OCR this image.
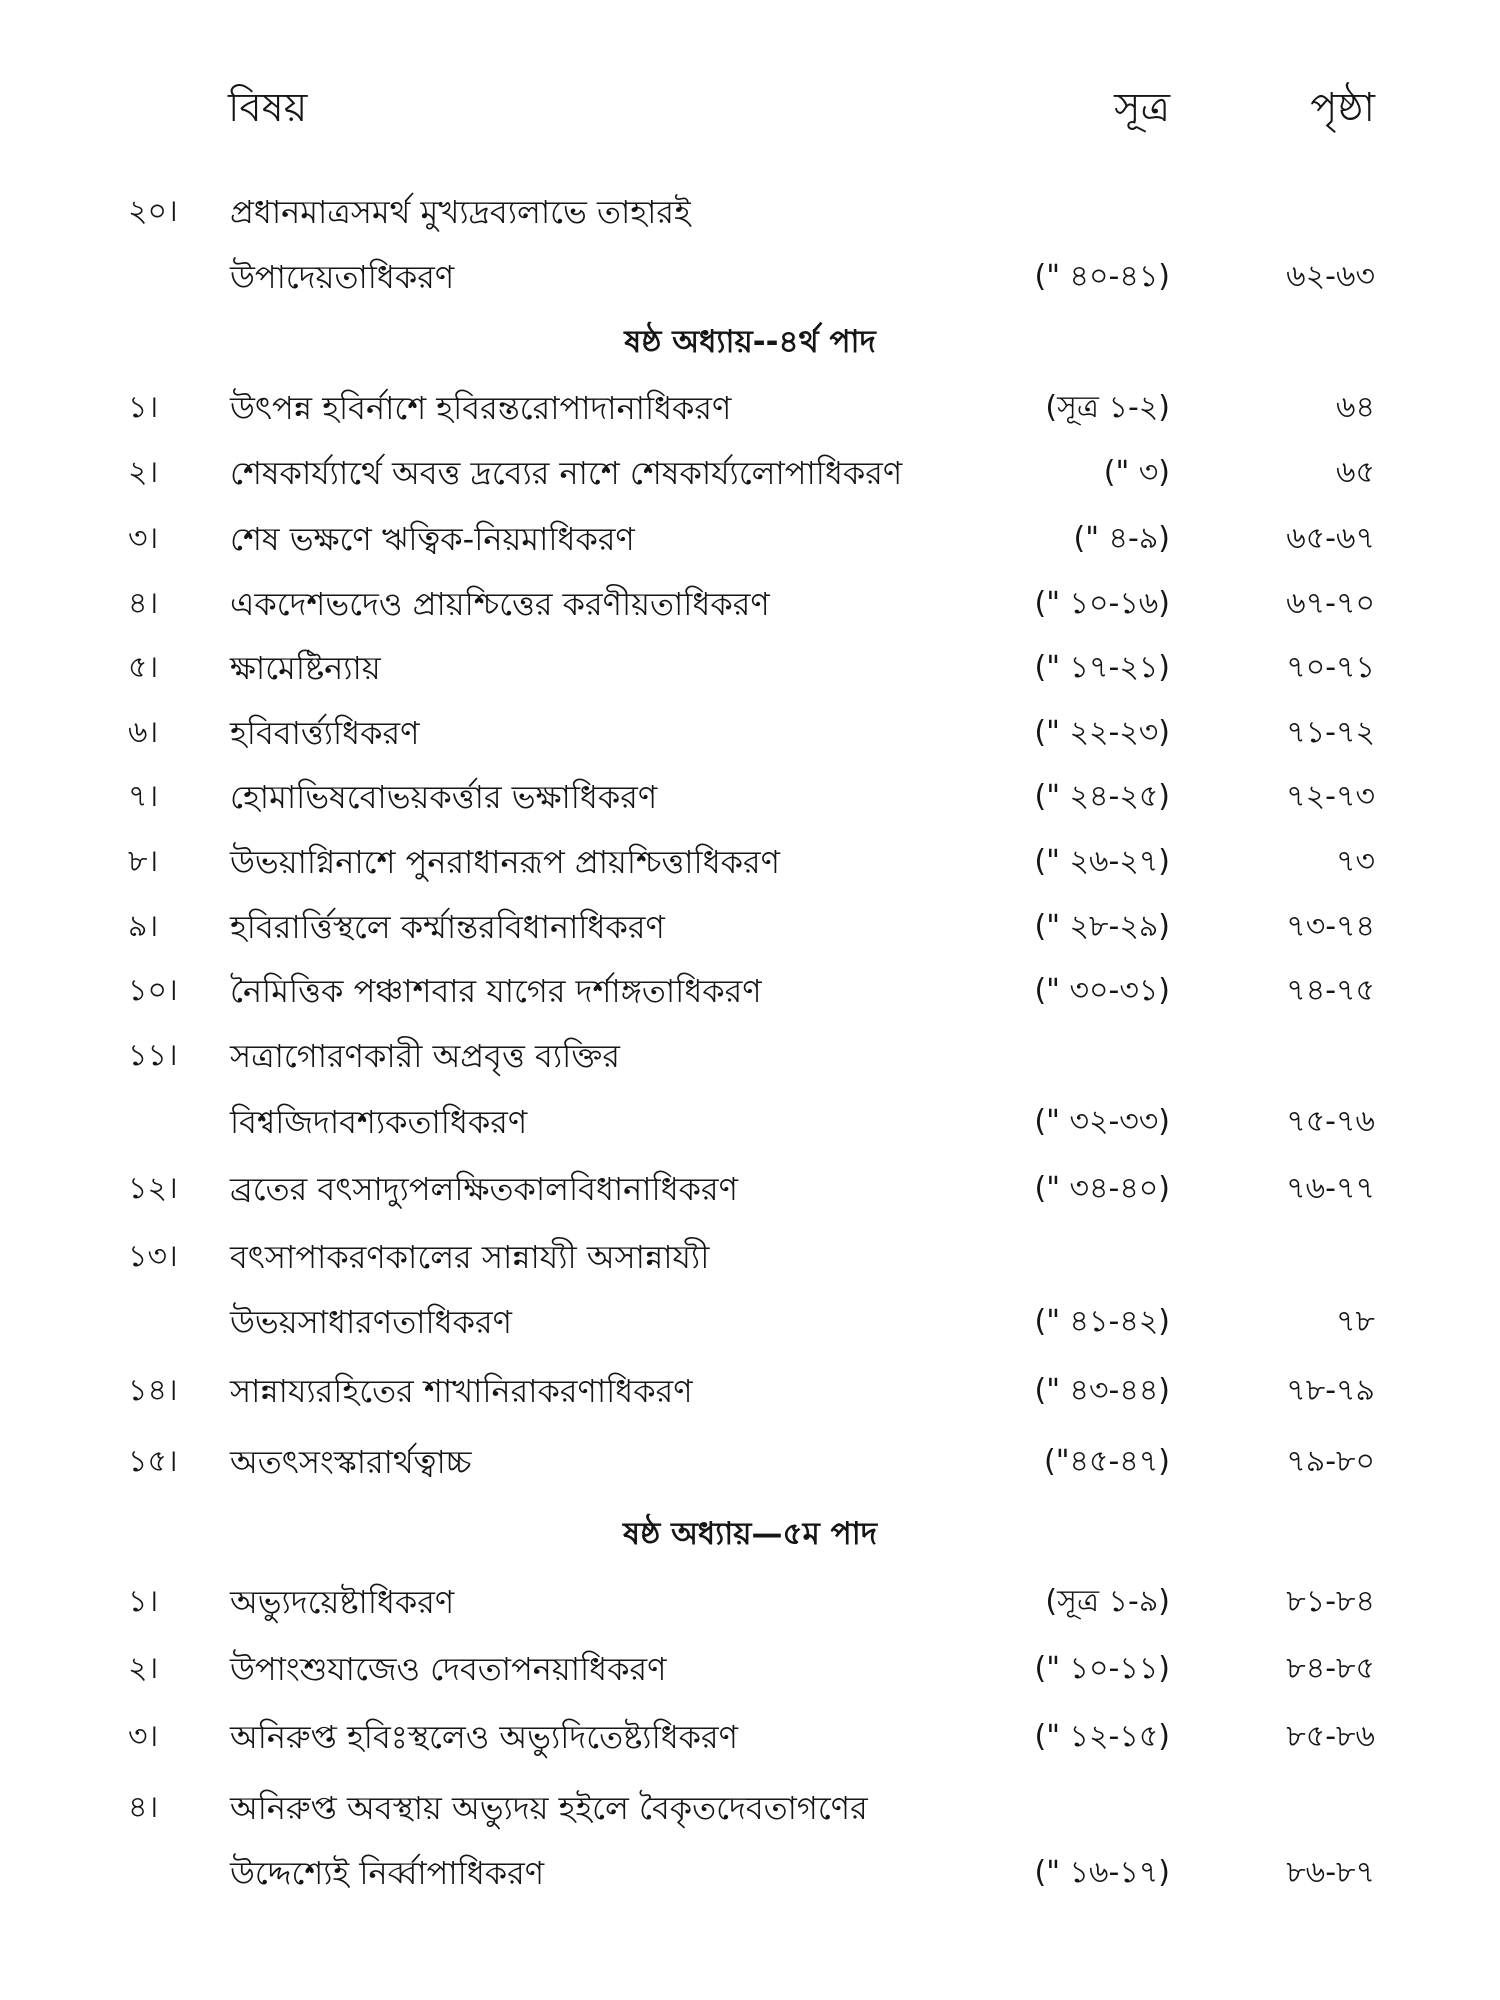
বিষয়	সূত্র	পৃষ্ঠা
২০। প্রধানমাত্রসমর্থ মুখ্যদ্রব্যলাভে তাহারই
উপাদেয়তাধিকরণ	(" ৪০-৪১)	৬২-৬৩
ষষ্ঠ অধ্যায়--৪র্থ পাদ
১। উৎপন্ন হবির্নাশে হবিরন্তরোপাদানাধিকরণ	(সূত্র ১-২)	৬৪
২। শেষকার্য্যার্থে অবত্ত দ্রব্যের নাশে শেষকার্য্যলোপাধিকরণ	(" ৩)	৬৫
৩। শেষ ভক্ষণে ঋত্বিক-নিয়মাধিকরণ	(" ৪-৯)	৬৫-৬৭
৪। একদেশভদেও প্রায়শ্চিত্তের করণীয়তাধিকরণ	(" ১০-১৬)	৬৭-৭০
৫। ক্ষামেষ্টিন্যায়	(" ১৭-২১)	৭০-৭১
৬। হবিবার্ত্ত্যধিকরণ	(" ২২-২৩)	৭১-৭২
৭। হোমাভিষবোভয়কর্ত্তার ভক্ষাধিকরণ	(" ২৪-২৫)	৭২-৭৩
৮। উভয়াগ্নিনাশে পুনরাধানরূপ প্রায়শ্চিত্তাধিকরণ	(" ২৬-২৭)	৭৩
৯। হবিরার্ত্তিস্থলে কর্ম্মান্তরবিধানাধিকরণ	(" ২৮-২৯)	৭৩-৭৪
১০। নৈমিত্তিক পঞ্চাশবার যাগের দর্শাঙ্গতাধিকরণ	(" ৩০-৩১)	৭৪-৭৫
১১। সত্রাগোরণকারী অপ্রবৃত্ত ব্যক্তির
বিশ্বজিদাবশ্যকতাধিকরণ	(" ৩২-৩৩)	৭৫-৭৬
১২। ব্রতের বৎসাদ্যুপলক্ষিতকালবিধানাধিকরণ	(" ৩৪-৪০)	৭৬-৭৭
১৩। বৎসাপাকরণকালের সান্নায্যী অসান্নায্যী
উভয়সাধারণতাধিকরণ	(" ৪১-৪২)	৭৮
১৪। সান্নায্যরহিতের শাখানিরাকরণাধিকরণ	(" ৪৩-৪৪)	৭৮-৭৯
১৫। অতৎসংস্কারার্থত্বাচ্চ	("৪৫-৪৭)	৭৯-৮০
ষষ্ঠ অধ্যায়—৫ম পাদ
১। অভ্যুদয়েষ্টাধিকরণ	(সূত্র ১-৯)	৮১-৮৪
২। উপাংশুযাজেও দেবতাপনয়াধিকরণ	(" ১০-১১)	৮৪-৮৫
৩। অনিরুপ্ত হবিঃস্থলেও অভ্যুদিতেষ্ট্যধিকরণ	(" ১২-১৫)	৮৫-৮৬
৪। অনিরুপ্ত অবস্থায় অভ্যুদয় হইলে বৈকৃতদেবতাগণের
উদ্দেশ্যেই নির্ব্বাপাধিকরণ	(" ১৬-১৭)	৮৬-৮৭
